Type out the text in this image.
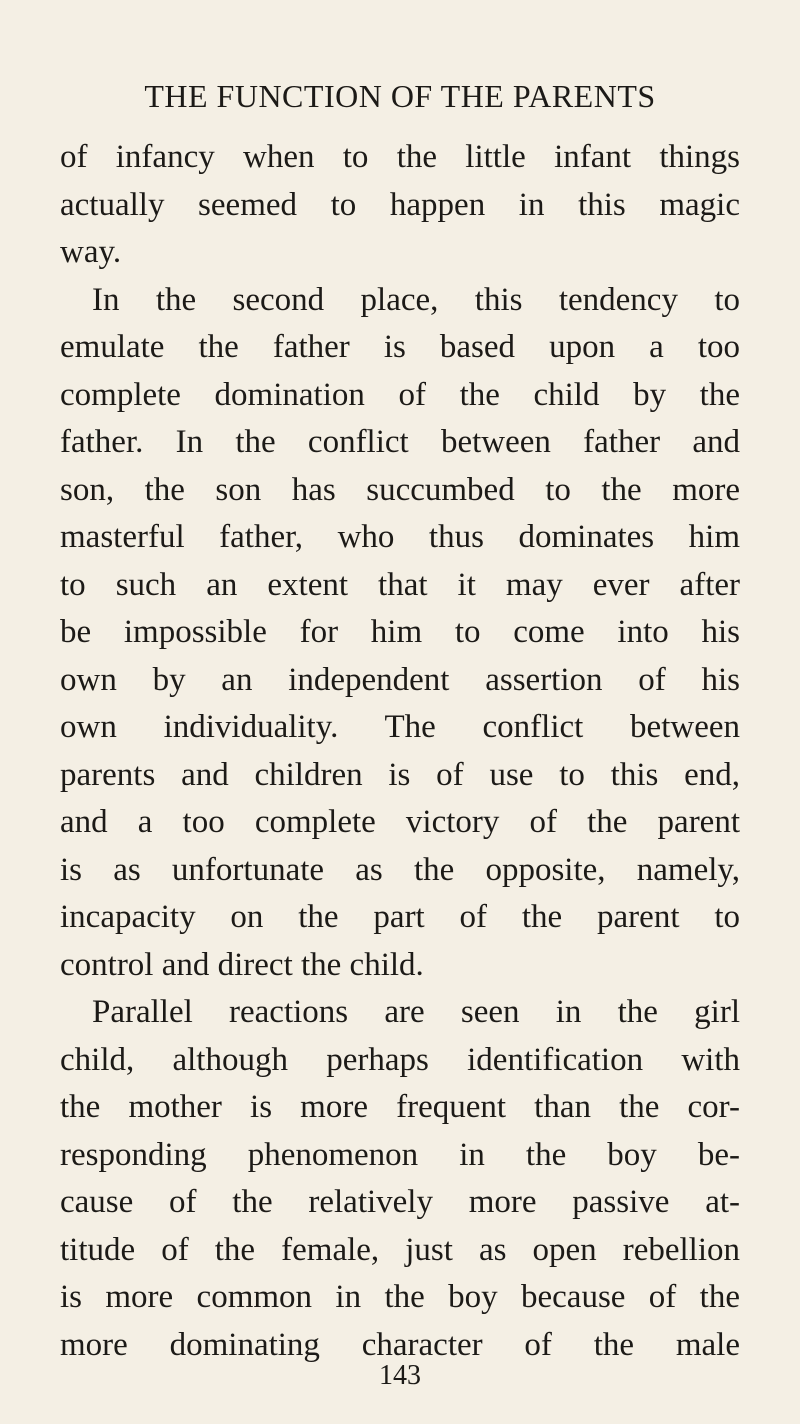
THE FUNCTION OF THE PARENTS
of infancy when to the little infant things
actually seemed to happen in this magic
way.
In the second place, this tendency to
emulate the father is based upon a too
complete domination of the child by the
father. In the conflict between father and
son, the son has succumbed to the more
masterful father, who thus dominates him
to such an extent that it may ever after
be impossible for him to come into his
own by an independent assertion of his
own individuality. The conflict between
parents and children is of use to this end,
and a too complete victory of the parent
is as unfortunate as the opposite, namely,
incapacity on the part of the parent to
control and direct the child.
Parallel reactions are seen in the girl
child, although perhaps identification with
the mother is more frequent than the cor-
responding phenomenon in the boy be-
cause of the relatively more passive at-
titude of the female, just as open rebellion
is more common in the boy because of the
more dominating character of the male
143
